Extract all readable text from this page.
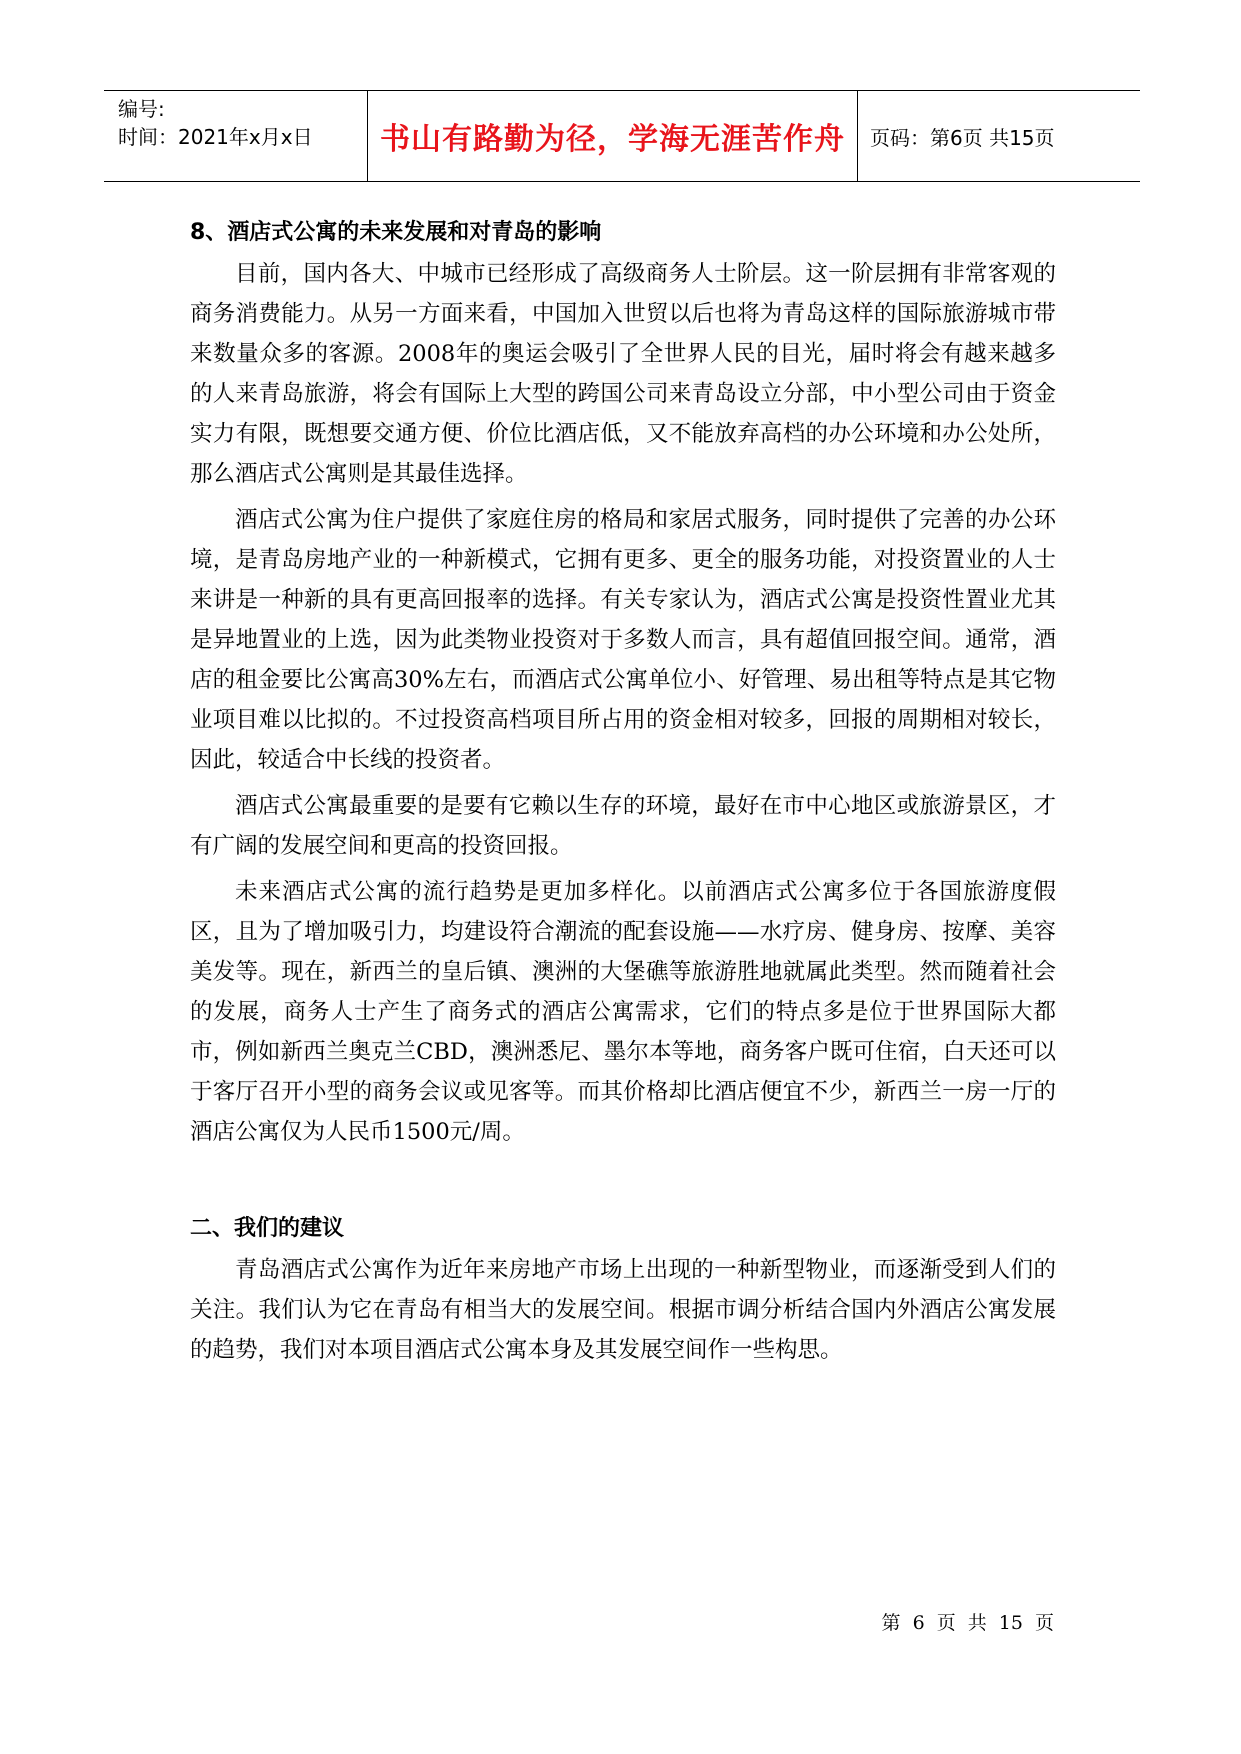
编号:
时间：2021年x月x日	书山有路勤为径，学海无涯苦作舟	页码：第6页 共15页
8、酒店式公寓的未来发展和对青岛的影响

目前，国内各大、中城市已经形成了高级商务人士阶层。这一阶层拥有非常客观的商务消费能力。从另一方面来看，中国加入世贸以后也将为青岛这样的国际旅游城市带来数量众多的客源。2008年的奥运会吸引了全世界人民的目光，届时将会有越来越多的人来青岛旅游，将会有国际上大型的跨国公司来青岛设立分部，中小型公司由于资金实力有限，既想要交通方便、价位比酒店低，又不能放弃高档的办公环境和办公处所，那么酒店式公寓则是其最佳选择。

酒店式公寓为住户提供了家庭住房的格局和家居式服务，同时提供了完善的办公环境，是青岛房地产业的一种新模式，它拥有更多、更全的服务功能，对投资置业的人士来讲是一种新的具有更高回报率的选择。有关专家认为，酒店式公寓是投资性置业尤其是异地置业的上选，因为此类物业投资对于多数人而言，具有超值回报空间。通常，酒店的租金要比公寓高30%左右，而酒店式公寓单位小、好管理、易出租等特点是其它物业项目难以比拟的。不过投资高档项目所占用的资金相对较多，回报的周期相对较长，因此，较适合中长线的投资者。

酒店式公寓最重要的是要有它赖以生存的环境，最好在市中心地区或旅游景区，才有广阔的发展空间和更高的投资回报。

未来酒店式公寓的流行趋势是更加多样化。以前酒店式公寓多位于各国旅游度假区，且为了增加吸引力，均建设符合潮流的配套设施——水疗房、健身房、按摩、美容美发等。现在，新西兰的皇后镇、澳洲的大堡礁等旅游胜地就属此类型。然而随着社会的发展，商务人士产生了商务式的酒店公寓需求，它们的特点多是位于世界国际大都市，例如新西兰奥克兰CBD，澳洲悉尼、墨尔本等地，商务客户既可住宿，白天还可以于客厅召开小型的商务会议或见客等。而其价格却比酒店便宜不少，新西兰一房一厅的酒店公寓仅为人民币1500元/周。

二、我们的建议

青岛酒店式公寓作为近年来房地产市场上出现的一种新型物业，而逐渐受到人们的关注。我们认为它在青岛有相当大的发展空间。根据市调分析结合国内外酒店公寓发展的趋势，我们对本项目酒店式公寓本身及其发展空间作一些构思。

第 6 页 共 15 页
